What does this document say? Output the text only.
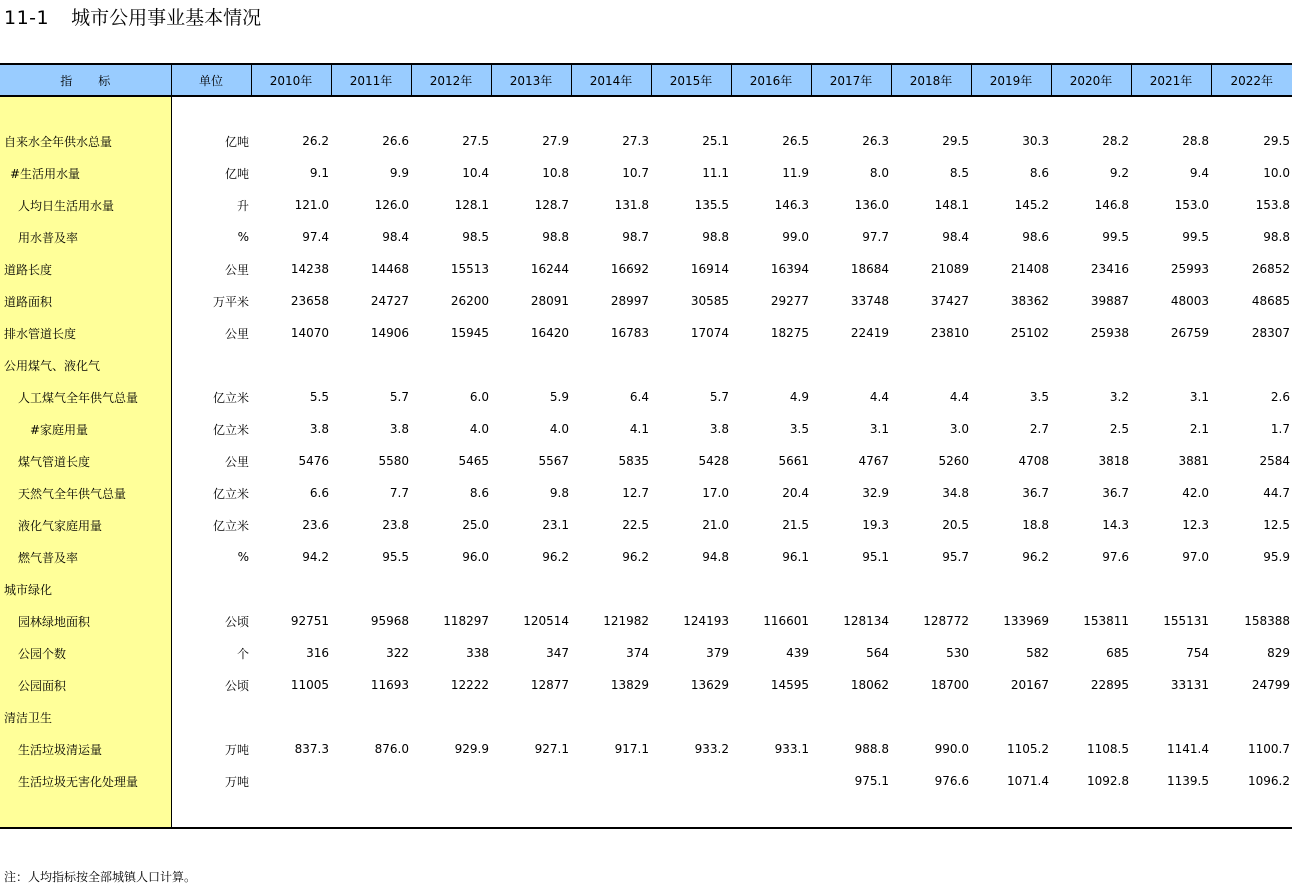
11-1 城市公用事业基本情况
指标	单位	2010年	2011年	2012年	2013年	2014年	2015年	2016年	2017年	2018年	2019年	2020年	2021年	2022年

自来水全年供水总量	亿吨	26.2	26.6	27.5	27.9	27.3	25.1	26.5	26.3	29.5	30.3	28.2	28.8	29.5
#生活用水量	亿吨	9.1	9.9	10.4	10.8	10.7	11.1	11.9	8.0	8.5	8.6	9.2	9.4	10.0
人均日生活用水量	升	121.0	126.0	128.1	128.7	131.8	135.5	146.3	136.0	148.1	145.2	146.8	153.0	153.8
用水普及率	%	97.4	98.4	98.5	98.8	98.7	98.8	99.0	97.7	98.4	98.6	99.5	99.5	98.8
道路长度	公里	14238	14468	15513	16244	16692	16914	16394	18684	21089	21408	23416	25993	26852
道路面积	万平米	23658	24727	26200	28091	28997	30585	29277	33748	37427	38362	39887	48003	48685
排水管道长度	公里	14070	14906	15945	16420	16783	17074	18275	22419	23810	25102	25938	26759	28307
公用煤气、液化气														
人工煤气全年供气总量	亿立米	5.5	5.7	6.0	5.9	6.4	5.7	4.9	4.4	4.4	3.5	3.2	3.1	2.6
#家庭用量	亿立米	3.8	3.8	4.0	4.0	4.1	3.8	3.5	3.1	3.0	2.7	2.5	2.1	1.7
煤气管道长度	公里	5476	5580	5465	5567	5835	5428	5661	4767	5260	4708	3818	3881	2584
天然气全年供气总量	亿立米	6.6	7.7	8.6	9.8	12.7	17.0	20.4	32.9	34.8	36.7	36.7	42.0	44.7
液化气家庭用量	亿立米	23.6	23.8	25.0	23.1	22.5	21.0	21.5	19.3	20.5	18.8	14.3	12.3	12.5
燃气普及率	%	94.2	95.5	96.0	96.2	96.2	94.8	96.1	95.1	95.7	96.2	97.6	97.0	95.9
城市绿化														
园林绿地面积	公顷	92751	95968	118297	120514	121982	124193	116601	128134	128772	133969	153811	155131	158388
公园个数	个	316	322	338	347	374	379	439	564	530	582	685	754	829
公园面积	公顷	11005	11693	12222	12877	13829	13629	14595	18062	18700	20167	22895	33131	24799
清洁卫生														
生活垃圾清运量	万吨	837.3	876.0	929.9	927.1	917.1	933.2	933.1	988.8	990.0	1105.2	1108.5	1141.4	1100.7
生活垃圾无害化处理量	万吨								975.1	976.6	1071.4	1092.8	1139.5	1096.2

注：人均指标按全部城镇人口计算。
